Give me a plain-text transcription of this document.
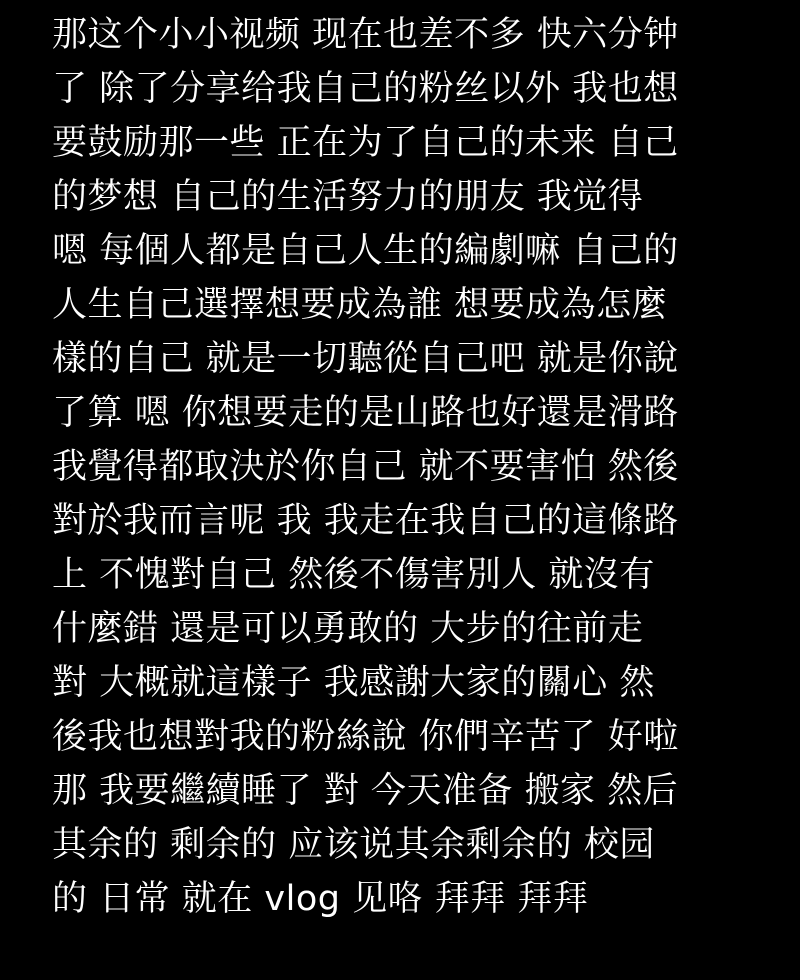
那这个小小视频 现在也差不多 快六分钟
了 除了分享给我自己的粉丝以外 我也想
要鼓励那一些 正在为了自己的未来 自己
的梦想 自己的生活努力的朋友 我觉得
嗯 每個人都是自己人生的編劇嘛 自己的
人生自己選擇想要成為誰 想要成為怎麼
樣的自己 就是一切聽從自己吧 就是你說
了算 嗯 你想要走的是山路也好還是滑路
我覺得都取決於你自己 就不要害怕 然後
對於我而言呢 我 我走在我自己的這條路
上 不愧對自己 然後不傷害別人 就沒有
什麼錯 還是可以勇敢的 大步的往前走
對 大概就這樣子 我感謝大家的關心 然
後我也想對我的粉絲說 你們辛苦了 好啦
那 我要繼續睡了 對 今天准备 搬家 然后
其余的 剩余的 应该说其余剩余的 校园
的 日常 就在 vlog 见咯 拜拜 拜拜
